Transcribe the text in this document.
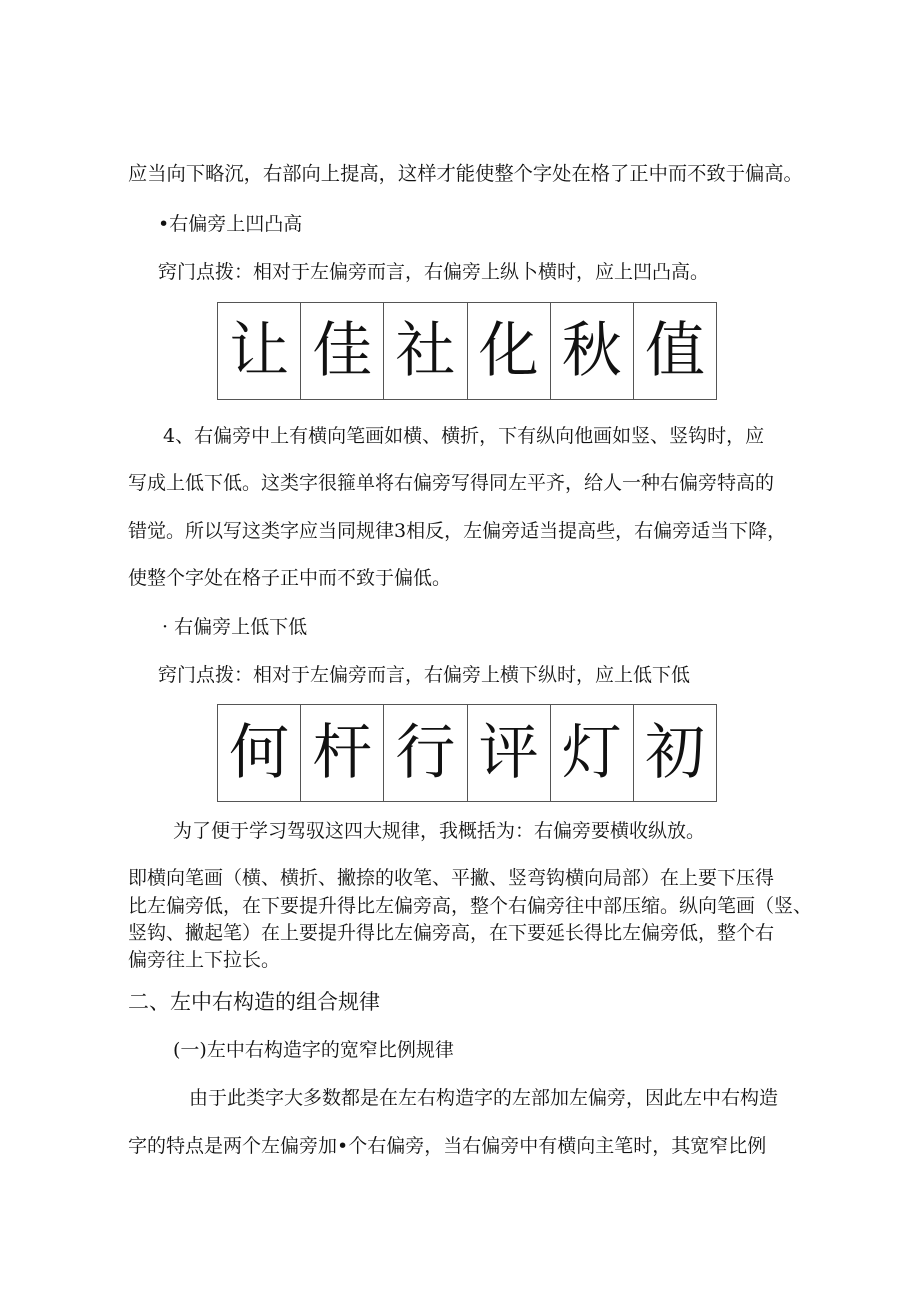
应当向下略沉，右部向上提高，这样才能使整个字处在格了正中而不致于偏高。
•右偏旁上凹凸高
窍门点拨：相对于左偏旁而言，右偏旁上纵卜横时，应上凹凸高。
让 佳 社 化 秋 值
4、右偏旁中上有横向笔画如横、横折，下有纵向他画如竖、竖钩时，应
写成上低下低。这类字很箍单将右偏旁写得同左平齐，给人一种右偏旁特高的
错觉。所以写这类字应当同规律3相反，左偏旁适当提高些，右偏旁适当下降，
使整个字处在格子正中而不致于偏低。
· 右偏旁上低下低
窍门点拨：相对于左偏旁而言，右偏旁上横下纵时，应上低下低
何 杆 行 评 灯 初
为了便于学习驾驭这四大规律，我概括为：右偏旁要横收纵放。
即横向笔画（横、横折、撇捺的收笔、平撇、竖弯钩横向局部）在上要下压得
比左偏旁低，在下要提升得比左偏旁高，整个右偏旁往中部压缩。纵向笔画（竖、
竖钩、撇起笔）在上要提升得比左偏旁高，在下要延长得比左偏旁低，整个右
偏旁往上下拉长。
二、左中右构造的组合规律
(一)左中右构造字的宽窄比例规律
由于此类字大多数都是在左右构造字的左部加左偏旁，因此左中右构造
字的特点是两个左偏旁加•个右偏旁，当右偏旁中有横向主笔时，其宽窄比例
